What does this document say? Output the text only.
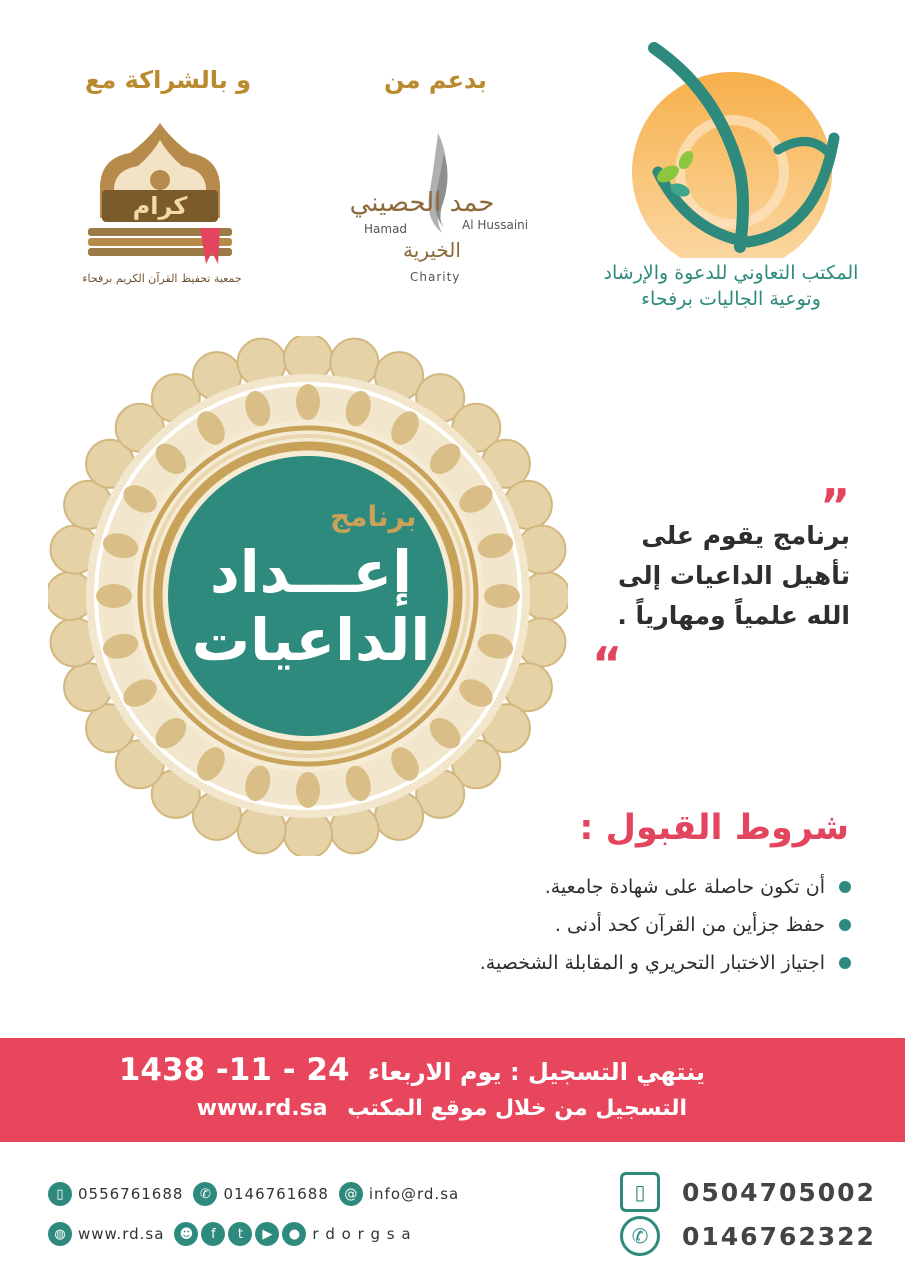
و بالشراكة مع
كرام
جمعية تحفيظ القرآن الكريم برفحاء
بدعم من
حمد الحصيني
Hamad	Al Hussaini
الخيرية
Charity	المكتب التعاوني للدعوة والإرشاد
وتوعية الجاليات برفحاء
برنامج
إعـــداد
الداعيات
”
برنامج يقوم على
تأهيل الداعيات إلى
الله علمياً ومهارياً .
“
شروط القبول :
أن تكون حاصلة على شهادة جامعية.
حفظ جزأين من القرآن كحد أدنى .
اجتياز الاختبار التحريري و المقابلة الشخصية.
ينتهي التسجيل : يوم الاربعاء 24 - 11- 1438
التسجيل من خلال موقع المكتب www.rd.sa
▯ 0556761688	✆ 0146761688	@ info@rd.sa
◍ www.rd.sa	☻	f	t	▶	● r d o r g s a
▯	0504705002
✆	0146762322
